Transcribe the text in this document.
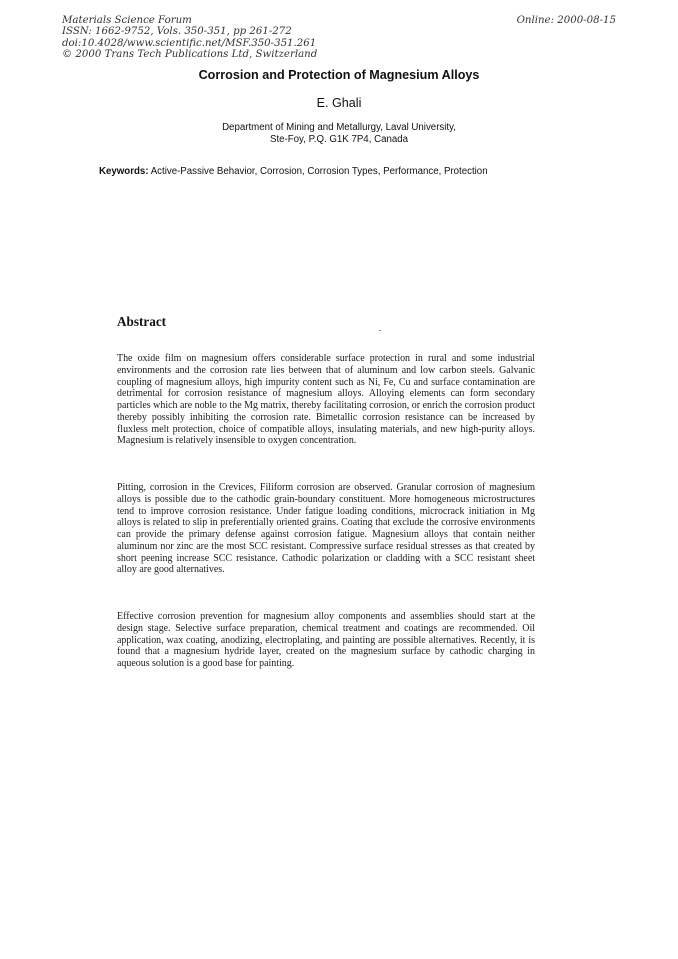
Materials Science Forum
ISSN: 1662-9752, Vols. 350-351, pp 261-272
doi:10.4028/www.scientific.net/MSF.350-351.261
© 2000 Trans Tech Publications Ltd, Switzerland
Online: 2000-08-15
Corrosion and Protection of Magnesium Alloys
E. Ghali
Department of Mining and Metallurgy, Laval University,
Ste-Foy, P.Q. G1K 7P4, Canada
Keywords: Active-Passive Behavior, Corrosion, Corrosion Types, Performance, Protection
Abstract

The oxide film on magnesium offers considerable surface protection in rural and some industrial environments and the corrosion rate lies between that of aluminum and low carbon steels. Galvanic coupling of magnesium alloys, high impurity content such as Ni, Fe, Cu and surface contamination are detrimental for corrosion resistance of magnesium alloys. Alloying elements can form secondary particles which are noble to the Mg matrix, thereby facilitating corrosion, or enrich the corrosion product thereby possibly inhibiting the corrosion rate. Bimetallic corrosion resistance can be increased by fluxless melt protection, choice of compatible alloys, insulating materials, and new high-purity alloys. Magnesium is relatively insensible to oxygen concentration.

Pitting, corrosion in the Crevices, Filiform corrosion are observed. Granular corrosion of magnesium alloys is possible due to the cathodic grain-boundary constituent. More homogeneous microstructures tend to improve corrosion resistance. Under fatigue loading conditions, microcrack initiation in Mg alloys is related to slip in preferentially oriented grains. Coating that exclude the corrosive environments can provide the primary defense against corrosion fatigue. Magnesium alloys that contain neither aluminum nor zinc are the most SCC resistant. Compressive surface residual stresses as that created by short peening increase SCC resistance. Cathodic polarization or cladding with a SCC resistant sheet alloy are good alternatives.

Effective corrosion prevention for magnesium alloy components and assemblies should start at the design stage. Selective surface preparation, chemical treatment and coatings are recommended. Oil application, wax coating, anodizing, electroplating, and painting are possible alternatives. Recently, it is found that a magnesium hydride layer, created on the magnesium surface by cathodic charging in aqueous solution is a good base for painting.
